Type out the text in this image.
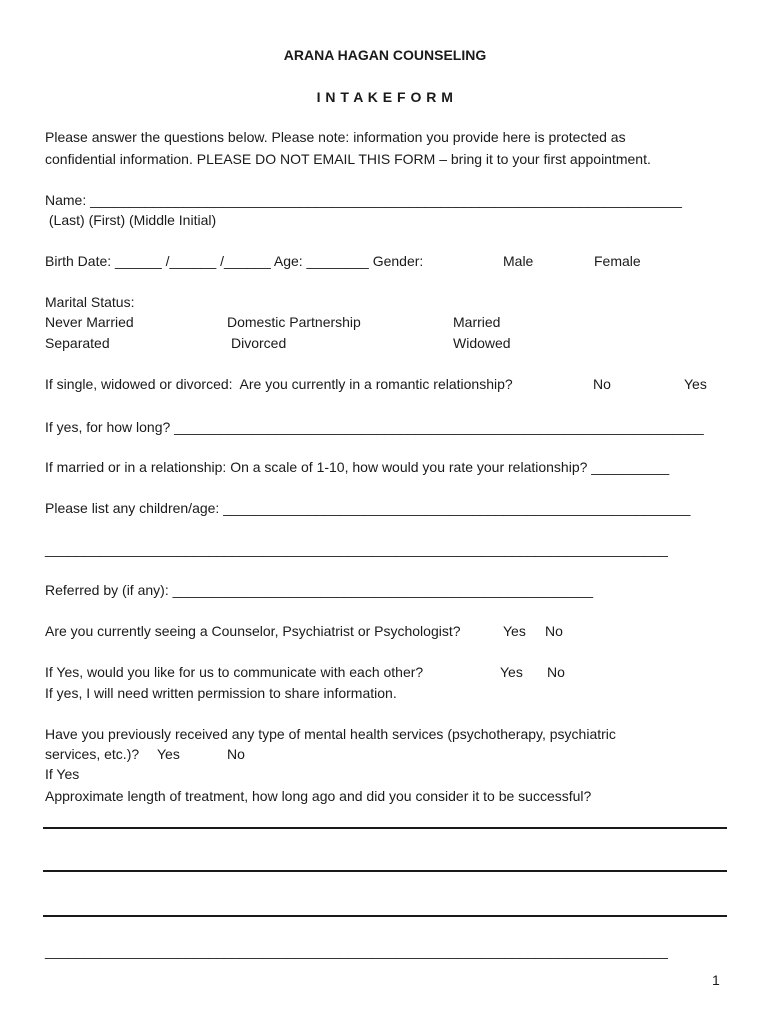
ARANA HAGAN COUNSELING
I N T A K E F O R M
Please answer the questions below. Please note: information you provide here is protected as
confidential information. PLEASE DO NOT EMAIL THIS FORM – bring it to your first appointment.
Name: ____________________________________________________________________________
(Last) (First) (Middle Initial)
Birth Date: ______ /______ /______ Age: ________ Gender:	Male	Female
Marital Status:
Never Married	Domestic Partnership	Married
Separated	Divorced	Widowed
If single, widowed or divorced:  Are you currently in a romantic relationship?	No	Yes
If yes, for how long? ____________________________________________________________________
If married or in a relationship: On a scale of 1-10, how would you rate your relationship? __________
Please list any children/age: ____________________________________________________________
________________________________________________________________________________
Referred by (if any): ______________________________________________________
Are you currently seeing a Counselor, Psychiatrist or Psychologist?	Yes No
If Yes, would you like for us to communicate with each other?	Yes No
If yes, I will need written permission to share information.
Have you previously received any type of mental health services (psychotherapy, psychiatric
services, etc.)? Yes	No
If Yes
Approximate length of treatment, how long ago and did you consider it to be successful?
________________________________________________________________________________
1
